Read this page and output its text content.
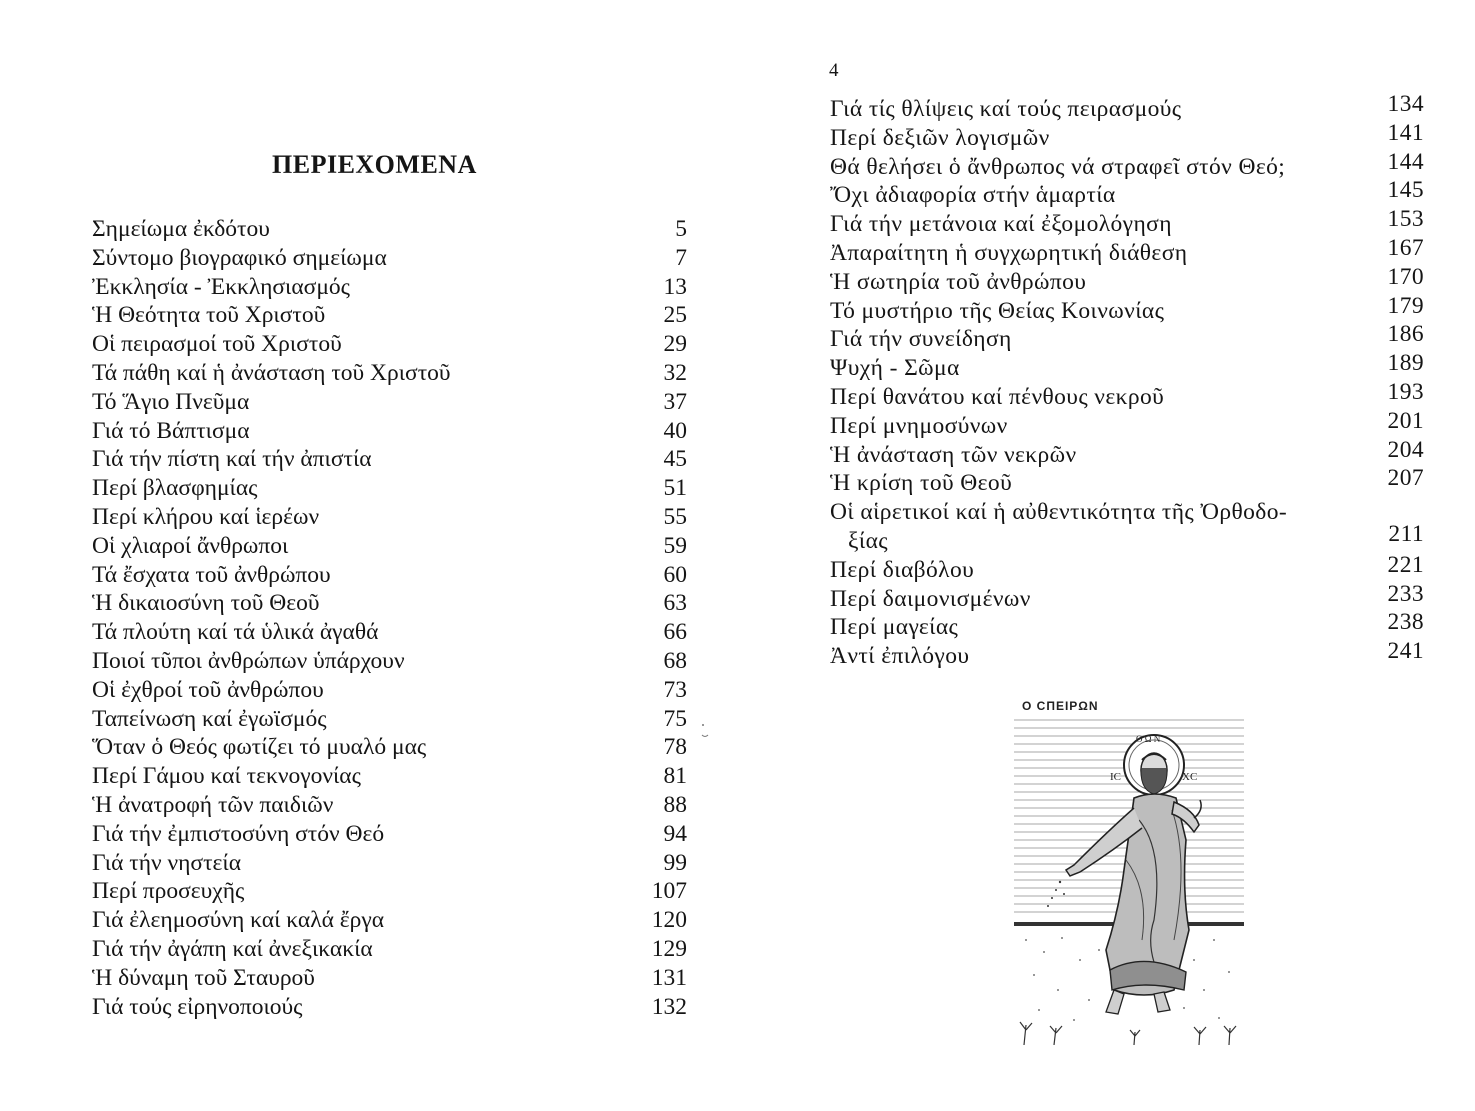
4
ΠΕΡΙΕΧΟΜΕΝΑ
Σημείωμα ἐκδότου	5
Σύντομο βιογραφικό σημείωμα	7
Ἐκκλησία - Ἐκκλησιασμός	13
Ἡ Θεότητα τοῦ Χριστοῦ	25
Οἱ πειρασμοί τοῦ Χριστοῦ	29
Τά πάθη καί ἡ ἀνάσταση τοῦ Χριστοῦ	32
Τό Ἅγιο Πνεῦμα	37
Γιά τό Βάπτισμα	40
Γιά τήν πίστη καί τήν ἀπιστία	45
Περί βλασφημίας	51
Περί κλήρου καί ἱερέων	55
Οἱ χλιαροί ἄνθρωποι	59
Τά ἔσχατα τοῦ ἀνθρώπου	60
Ἡ δικαιοσύνη τοῦ Θεοῦ	63
Τά πλούτη καί τά ὑλικά ἀγαθά	66
Ποιοί τῦποι ἀνθρώπων ὑπάρχουν	68
Οἱ ἐχθροί τοῦ ἀνθρώπου	73
Ταπείνωση καί ἐγωϊσμός	75
Ὅταν ὁ Θεός φωτίζει τό μυαλό μας	78
Περί Γάμου καί τεκνογονίας	81
Ἡ ἀνατροφή τῶν παιδιῶν	88
Γιά τήν ἐμπιστοσύνη στόν Θεό	94
Γιά τήν νηστεία	99
Περί προσευχῆς	107
Γιά ἐλεημοσύνη καί καλά ἔργα	120
Γιά τήν ἀγάπη καί ἀνεξικακία	129
Ἡ δύναμη τοῦ Σταυροῦ	131
Γιά τούς εἰρηνοποιούς	132
Γιά τίς θλίψεις καί τούς πειρασμούς	134
Περί δεξιῶν λογισμῶν	141
Θά θελήσει ὁ ἄνθρωπος νά στραφεῖ στόν Θεό;	144
Ὄχι ἀδιαφορία στήν ἁμαρτία	145
Γιά τήν μετάνοια καί ἐξομολόγηση	153
Ἀπαραίτητη ἡ συγχωρητική διάθεση	167
Ἡ σωτηρία τοῦ ἀνθρώπου	170
Τό μυστήριο τῆς Θείας Κοινωνίας	179
Γιά τήν συνείδηση	186
Ψυχή - Σῶμα	189
Περί θανάτου καί πένθους νεκροῦ	193
Περί μνημοσύνων	201
Ἡ ἀνάσταση τῶν νεκρῶν	204
Ἡ κρίση τοῦ Θεοῦ	207
Οἱ αἱρετικοί καί ἡ αὐθεντικότητα τῆς Ὀρθοδο-
ξίας	211
Περί διαβόλου	221
Περί δαιμονισμένων	233
Περί μαγείας	238
Ἀντί ἐπιλόγου	241
Ο СПЕІРΩΝ
Ο Ω Ν
IC	XC
